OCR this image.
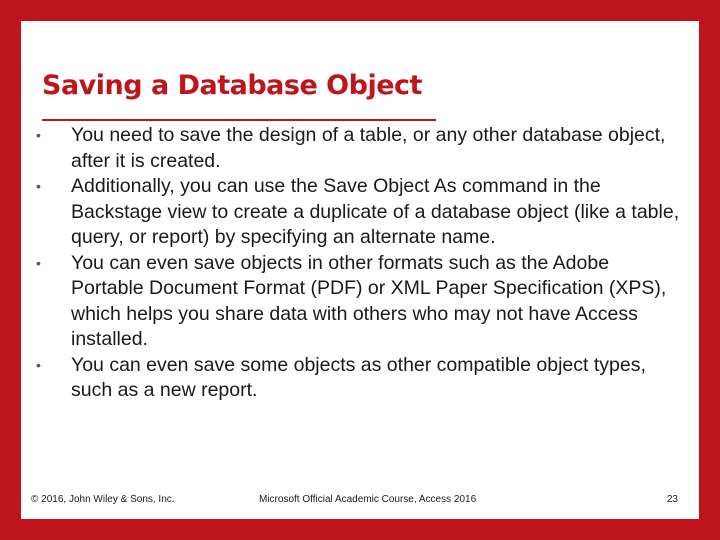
Saving a Database Object
•	You need to save the design of a table, or any other database object, after it is created.
•	Additionally, you can use the Save Object As command in the Backstage view to create a duplicate of a database object (like a table, query, or report) by specifying an alternate name.
•	You can even save objects in other formats such as the Adobe Portable Document Format (PDF) or XML Paper Specification (XPS), which helps you share data with others who may not have Access installed.
•	You can even save some objects as other compatible object types, such as a new report.
© 2016, John Wiley & Sons, Inc.	Microsoft Official Academic Course, Access 2016	23
